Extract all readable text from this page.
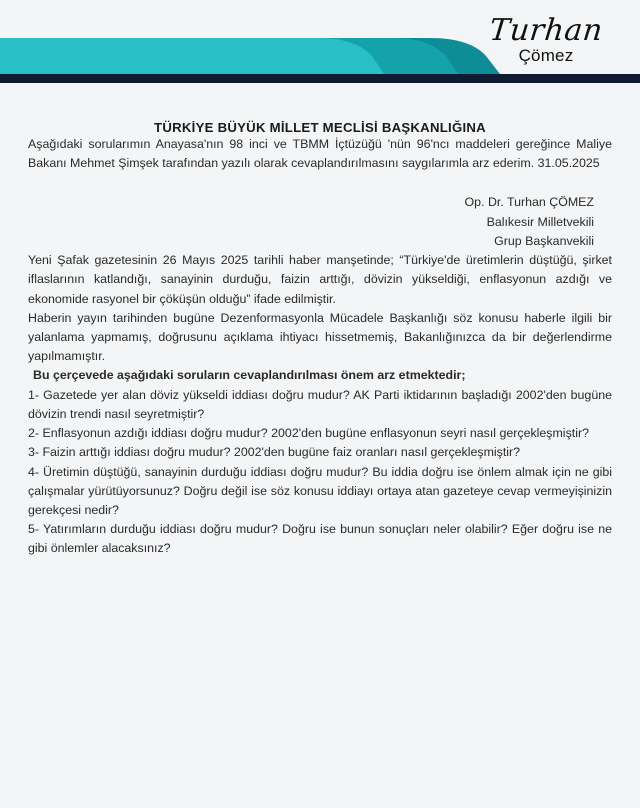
Turhan
Çömez
TÜRKİYE BÜYÜK MİLLET MECLİSİ BAŞKANLIĞINA

Aşağıdaki sorularımın Anayasa'nın 98 inci ve TBMM İçtüzüğü 'nün 96'ncı maddeleri gereğince Maliye Bakanı Mehmet Şimşek tarafından yazılı olarak cevaplandırılmasını saygılarımla arz ederim. 31.05.2025

Op. Dr. Turhan ÇÖMEZ
Balıkesir Milletvekili
Grup Başkanvekili

Yeni Şafak gazetesinin 26 Mayıs 2025 tarihli haber manşetinde; “Türkiye'de üretimlerin düştüğü, şirket iflaslarının katlandığı, sanayinin durduğu, faizin arttığı, dövizin yükseldiği, enflasyonun azdığı ve ekonomide rasyonel bir çöküşün olduğu” ifade edilmiştir.

Haberin yayın tarihinden bugüne Dezenformasyonla Mücadele Başkanlığı söz konusu haberle ilgili bir yalanlama yapmamış, doğrusunu açıklama ihtiyacı hissetmemiş, Bakanlığınızca da bir değerlendirme yapılmamıştır.

Bu çerçevede aşağıdaki soruların cevaplandırılması önem arz etmektedir;

1- Gazetede yer alan döviz yükseldi iddiası doğru mudur? AK Parti iktidarının başladığı 2002'den bugüne dövizin trendi nasıl seyretmiştir?

2- Enflasyonun azdığı iddiası doğru mudur? 2002'den bugüne enflasyonun seyri nasıl gerçekleşmiştir?

3- Faizin arttığı iddiası doğru mudur? 2002'den bugüne faiz oranları nasıl gerçekleşmiştir?

4- Üretimin düştüğü, sanayinin durduğu iddiası doğru mudur? Bu iddia doğru ise önlem almak için ne gibi çalışmalar yürütüyorsunuz? Doğru değil ise söz konusu iddiayı ortaya atan gazeteye cevap vermeyişinizin gerekçesi nedir?

5- Yatırımların durduğu iddiası doğru mudur? Doğru ise bunun sonuçları neler olabilir? Eğer doğru ise ne gibi önlemler alacaksınız?
